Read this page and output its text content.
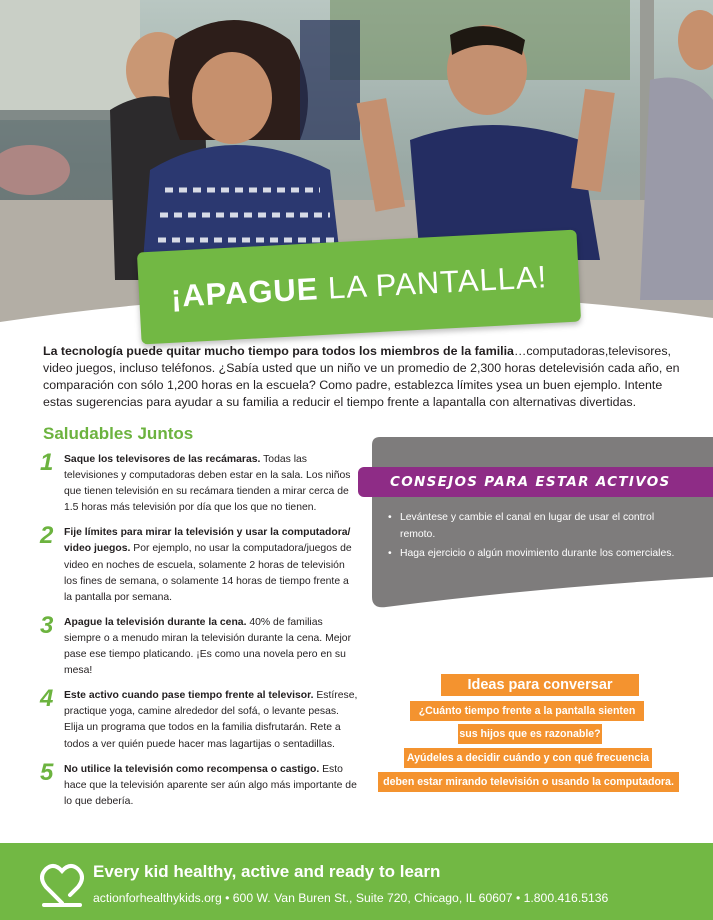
¡APAGUE LA PANTALLA!

La tecnología puede quitar mucho tiempo para todos los miembros de la familia…computadoras,televisores, video juegos, incluso teléfonos. ¿Sabía usted que un niño ve un promedio de 2,300 horas detelevisión cada año, en comparación con sólo 1,200 horas en la escuela? Como padre, establezca límites ysea un buen ejemplo. Intente estas sugerencias para ayudar a su familia a reducir el tiempo frente a lapantalla con alternativas divertidas.

Saludables Juntos
1 Saque los televisores de las recámaras. Todas las televisiones y computadoras deben estar en la sala. Los niños que tienen televisión en su recámara tienden a mirar cerca de 1.5 horas más televisión por día que los que no tienen.
2 Fije límites para mirar la televisión y usar la computadora/ video juegos. Por ejemplo, no usar la computadora/juegos de video en noches de escuela, solamente 2 horas de televisión los fines de semana, o solamente 14 horas de tiempo frente a la pantalla por semana.
3 Apague la televisión durante la cena. 40% de familias siempre o a menudo miran la televisión durante la cena. Mejor pase ese tiempo platicando. ¡Es como una novela pero en su mesa!
4 Este activo cuando pase tiempo frente al televisor. Estírese, practique yoga, camine alrededor del sofá, o levante pesas. Elija un programa que todos en la familia disfrutarán. Rete a todos a ver quién puede hacer mas lagartijas o sentadillas.
5 No utilice la televisión como recompensa o castigo. Esto hace que la televisión aparente ser aún algo más importante de lo que debería.
CONSEJOS PARA ESTAR ACTIVOS
• Levántese y cambie el canal en lugar de usar el control remoto.
• Haga ejercicio o algún movimiento durante los comerciales.
Ideas para conversar
¿Cuánto tiempo frente a la pantalla sienten
sus hijos que es razonable?
Ayúdeles a decidir cuándo y con qué frecuencia
deben estar mirando televisión o usando la computadora.
Every kid healthy, active and ready to learn
actionforhealthykids.org • 600 W. Van Buren St., Suite 720, Chicago, IL 60607 • 1.800.416.5136
